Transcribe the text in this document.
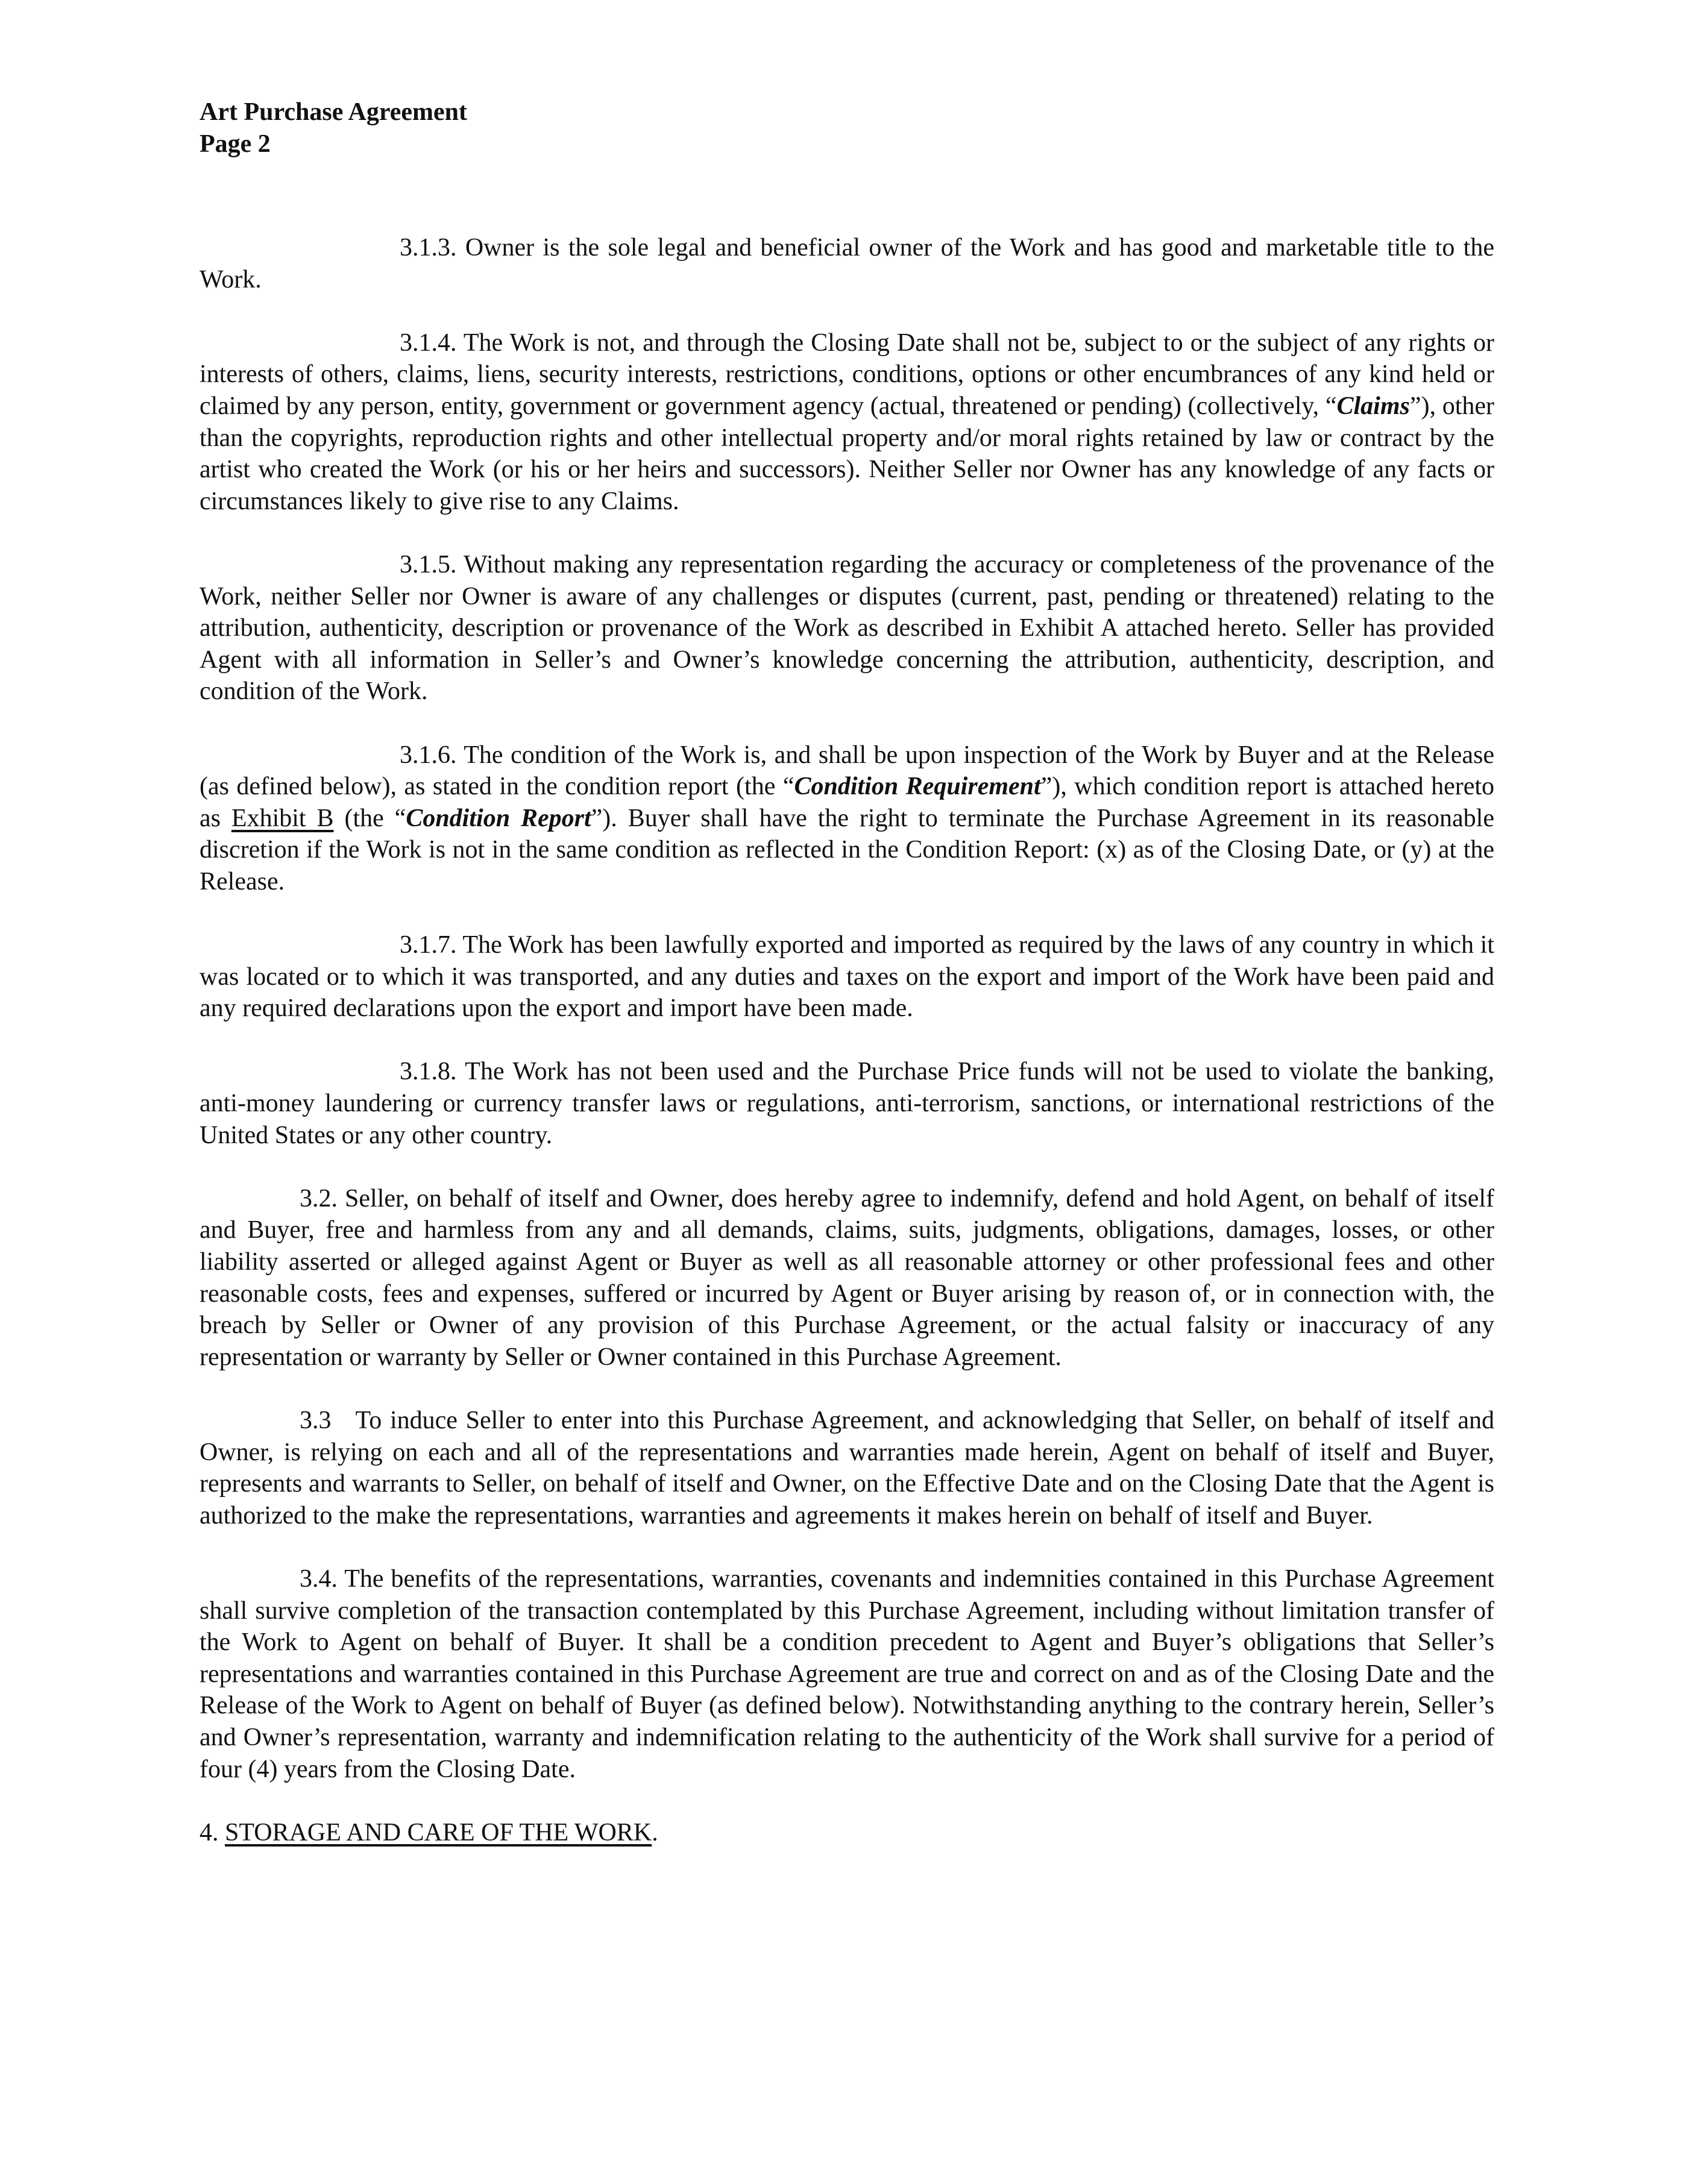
Art Purchase Agreement
Page 2

3.1.3. Owner is the sole legal and beneficial owner of the Work and has good and marketable title to the Work.

3.1.4. The Work is not, and through the Closing Date shall not be, subject to or the subject of any rights or interests of others, claims, liens, security interests, restrictions, conditions, options or other encumbrances of any kind held or claimed by any person, entity, government or government agency (actual, threatened or pending) (collectively, “Claims”), other than the copyrights, reproduction rights and other intellectual property and/or moral rights retained by law or contract by the artist who created the Work (or his or her heirs and successors). Neither Seller nor Owner has any knowledge of any facts or circumstances likely to give rise to any Claims.

3.1.5. Without making any representation regarding the accuracy or completeness of the provenance of the Work, neither Seller nor Owner is aware of any challenges or disputes (current, past, pending or threatened) relating to the attribution, authenticity, description or provenance of the Work as described in Exhibit A attached hereto. Seller has provided Agent with all information in Seller’s and Owner’s knowledge concerning the attribution, authenticity, description, and condition of the Work.

3.1.6. The condition of the Work is, and shall be upon inspection of the Work by Buyer and at the Release (as defined below), as stated in the condition report (the “Condition Requirement”), which condition report is attached hereto as Exhibit B (the “Condition Report”). Buyer shall have the right to terminate the Purchase Agreement in its reasonable discretion if the Work is not in the same condition as reflected in the Condition Report: (x) as of the Closing Date, or (y) at the Release.

3.1.7. The Work has been lawfully exported and imported as required by the laws of any country in which it was located or to which it was transported, and any duties and taxes on the export and import of the Work have been paid and any required declarations upon the export and import have been made.

3.1.8. The Work has not been used and the Purchase Price funds will not be used to violate the banking, anti-money laundering or currency transfer laws or regulations, anti-terrorism, sanctions, or international restrictions of the United States or any other country.

3.2. Seller, on behalf of itself and Owner, does hereby agree to indemnify, defend and hold Agent, on behalf of itself and Buyer, free and harmless from any and all demands, claims, suits, judgments, obligations, damages, losses, or other liability asserted or alleged against Agent or Buyer as well as all reasonable attorney or other professional fees and other reasonable costs, fees and expenses, suffered or incurred by Agent or Buyer arising by reason of, or in connection with, the breach by Seller or Owner of any provision of this Purchase Agreement, or the actual falsity or inaccuracy of any representation or warranty by Seller or Owner contained in this Purchase Agreement.

3.3 To induce Seller to enter into this Purchase Agreement, and acknowledging that Seller, on behalf of itself and Owner, is relying on each and all of the representations and warranties made herein, Agent on behalf of itself and Buyer, represents and warrants to Seller, on behalf of itself and Owner, on the Effective Date and on the Closing Date that the Agent is authorized to the make the representations, warranties and agreements it makes herein on behalf of itself and Buyer.

3.4. The benefits of the representations, warranties, covenants and indemnities contained in this Purchase Agreement shall survive completion of the transaction contemplated by this Purchase Agreement, including without limitation transfer of the Work to Agent on behalf of Buyer. It shall be a condition precedent to Agent and Buyer’s obligations that Seller’s representations and warranties contained in this Purchase Agreement are true and correct on and as of the Closing Date and the Release of the Work to Agent on behalf of Buyer (as defined below). Notwithstanding anything to the contrary herein, Seller’s and Owner’s representation, warranty and indemnification relating to the authenticity of the Work shall survive for a period of four (4) years from the Closing Date.

4. STORAGE AND CARE OF THE WORK.
